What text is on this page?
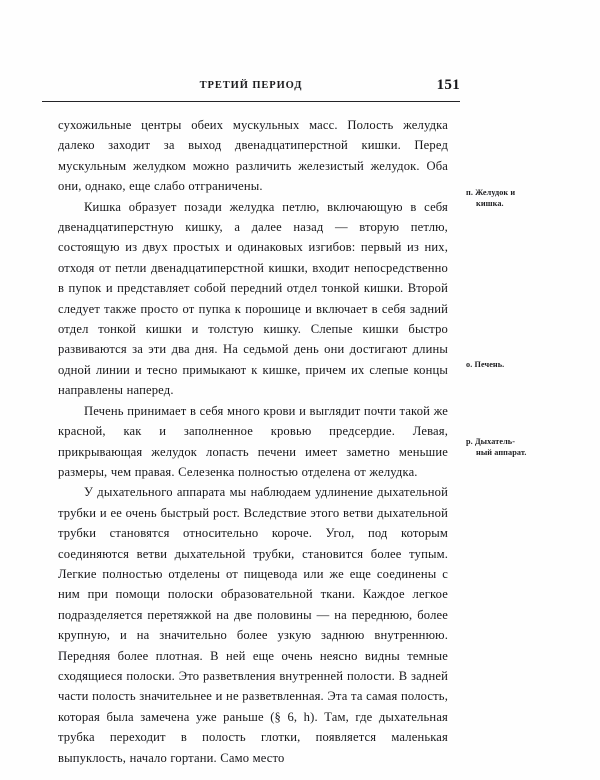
ТРЕТИЙ ПЕРИОД	151

сухожильные центры обеих мускульных масс. Полость желудка далеко заходит за выход двенадцатиперстной кишки. Перед мускульным желудком можно различить железистый желудок. Оба они, однако, еще слабо отграничены.

Кишка образует позади желудка петлю, включающую в себя двенадцатиперстную кишку, а далее назад — вторую петлю, состоящую из двух простых и одинаковых изгибов: первый из них, отходя от петли двенадцатиперстной кишки, входит непосредственно в пупок и представляет собой передний отдел тонкой кишки. Второй следует также просто от пупка к порошице и включает в себя задний отдел тонкой кишки и толстую кишку. Слепые кишки быстро развиваются за эти два дня. На седьмой день они достигают длины одной линии и тесно примыкают к кишке, причем их слепые концы направлены наперед.

Печень принимает в себя много крови и выглядит почти такой же красной, как и заполненное кровью предсердие. Левая, прикрывающая желудок лопасть печени имеет заметно меньшие размеры, чем правая. Селезенка полностью отделена от желудка.

У дыхательного аппарата мы наблюдаем удлинение дыхательной трубки и ее очень быстрый рост. Вследствие этого ветви дыхательной трубки становятся относительно короче. Угол, под которым соединяются ветви дыхательной трубки, становится более тупым. Легкие полностью отделены от пищевода или же еще соединены с ним при помощи полоски образовательной ткани. Каждое легкое подразделяется перетяжкой на две половины — на переднюю, более крупную, и на значительно более узкую заднюю внутреннюю. Передняя более плотная. В ней еще очень неясно видны темные сходящиеся полоски. Это разветвления внутренней полости. В задней части полость значительнее и не разветвленная. Эта та самая полость, которая была замечена уже раньше (§ 6, h). Там, где дыхательная трубка переходит в полость глотки, появляется маленькая выпуклость, начало гортани. Само место

п. Желудок и
кишка.
о. Печень.
р. Дыхатель-
ный аппарат.
